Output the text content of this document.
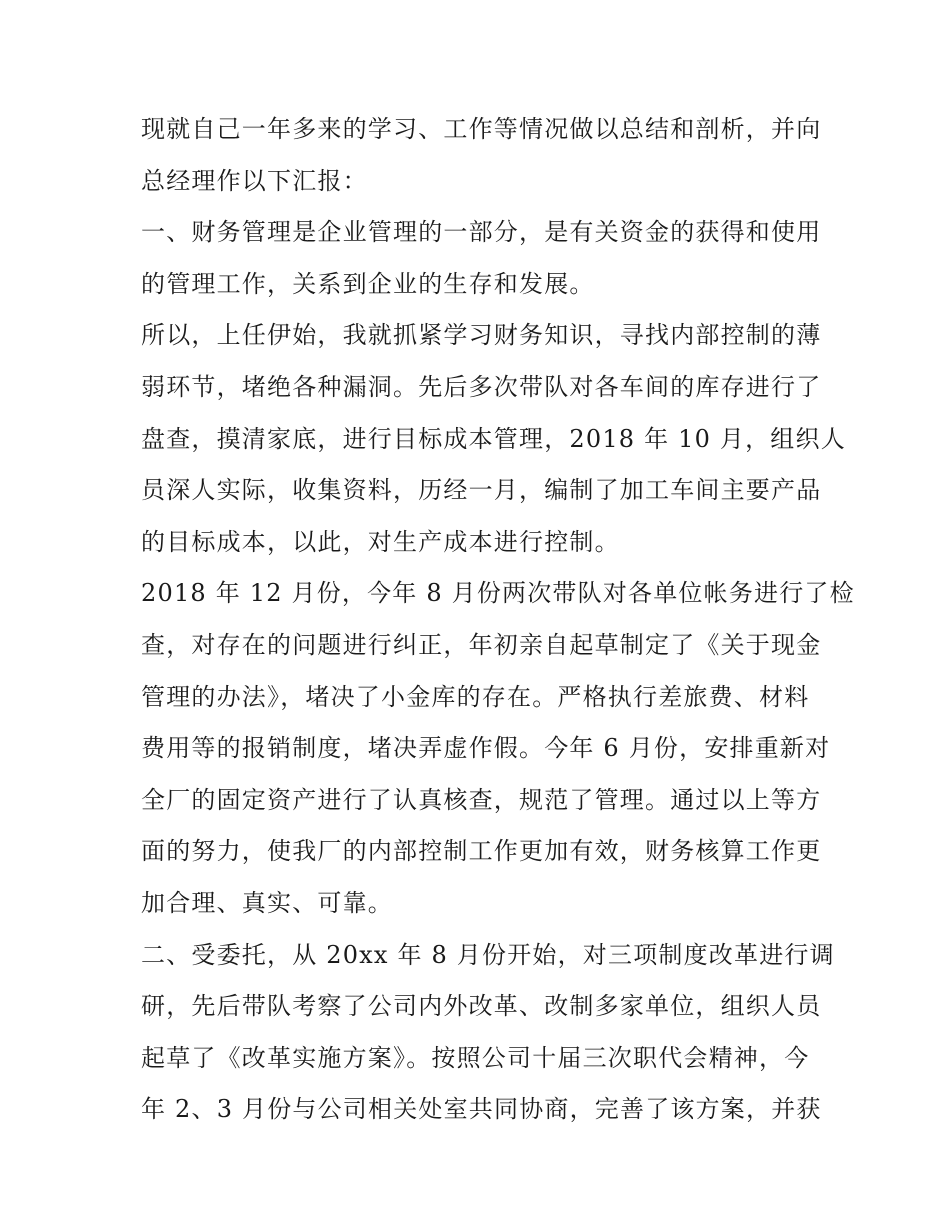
现就自己一年多来的学习、工作等情况做以总结和剖析，并向
总经理作以下汇报：
一、财务管理是企业管理的一部分，是有关资金的获得和使用
的管理工作，关系到企业的生存和发展。
所以，上任伊始，我就抓紧学习财务知识，寻找内部控制的薄
弱环节，堵绝各种漏洞。先后多次带队对各车间的库存进行了
盘查，摸清家底，进行目标成本管理，2018 年 10 月，组织人
员深人实际，收集资料，历经一月，编制了加工车间主要产品
的目标成本，以此，对生产成本进行控制。
2018 年 12 月份，今年 8 月份两次带队对各单位帐务进行了检
查，对存在的问题进行纠正，年初亲自起草制定了《关于现金
管理的办法》，堵决了小金库的存在。严格执行差旅费、材料
费用等的报销制度，堵决弄虚作假。今年 6 月份，安排重新对
全厂的固定资产进行了认真核查，规范了管理。通过以上等方
面的努力，使我厂的内部控制工作更加有效，财务核算工作更
加合理、真实、可靠。
二、受委托，从 20xx 年 8 月份开始，对三项制度改革进行调
研，先后带队考察了公司内外改革、改制多家单位，组织人员
起草了《改革实施方案》。按照公司十届三次职代会精神，今
年 2、3 月份与公司相关处室共同协商，完善了该方案，并获
